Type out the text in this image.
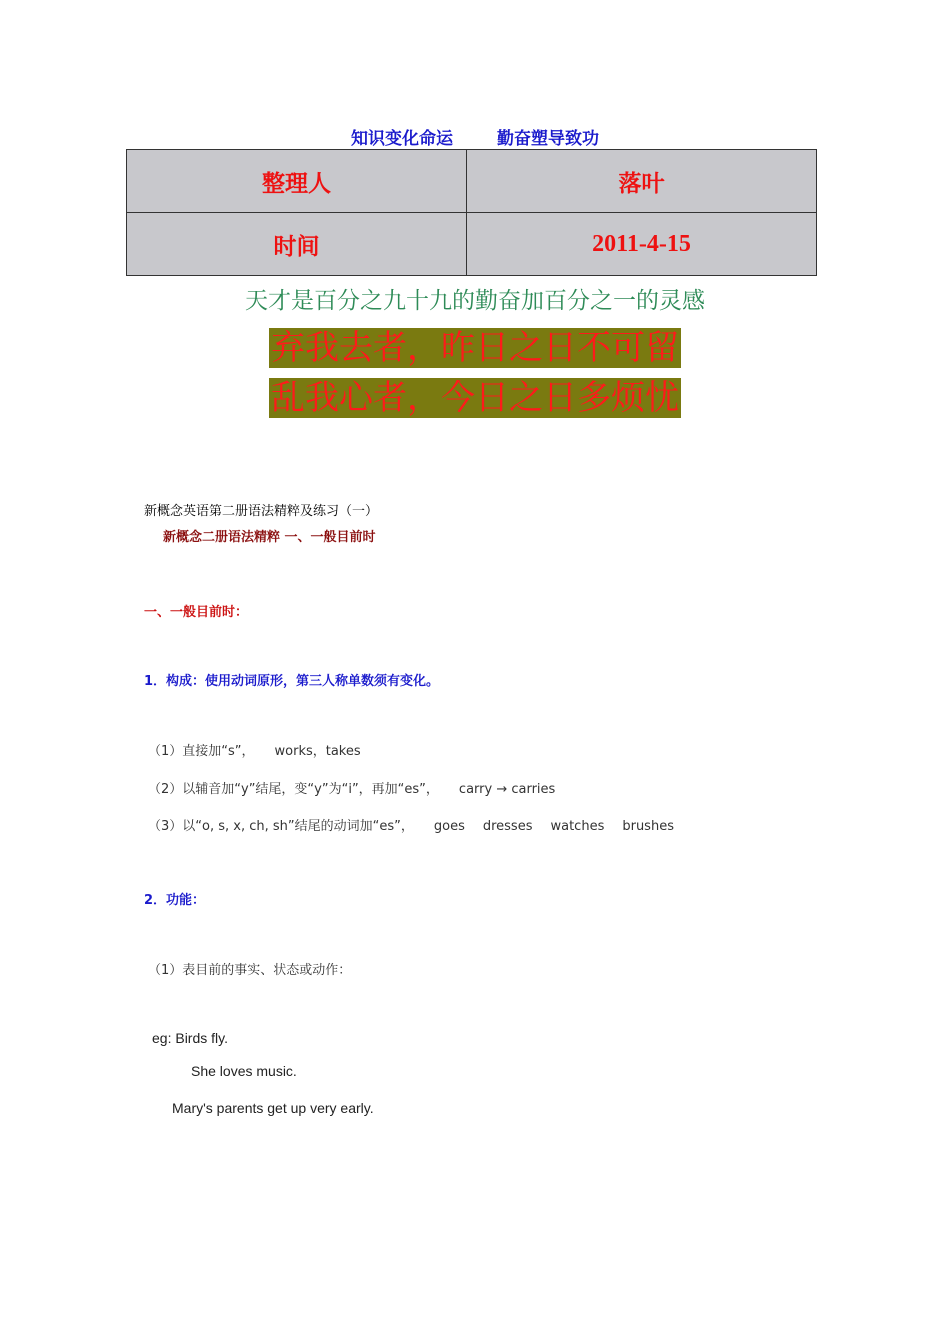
知识变化命运	勤奋塑导致功
整理人	落叶
时间	2011-4-15
天才是百分之九十九的勤奋加百分之一的灵感
弃我去者，昨日之日不可留
乱我心者，今日之日多烦忧
新概念英语第二册语法精粹及练习（一）
新概念二册语法精粹 一、一般目前时
一、一般目前时：
1．构成：使用动词原形，第三人称单数须有变化。
（1）直接加“s”， works，takes
（2）以辅音加“y”结尾，变“y”为“i”，再加“es”， carry → carries
（3）以“o, s, x, ch, sh”结尾的动词加“es”， goes dresses watches brushes
2．功能：
（1）表目前的事实、状态或动作：
eg: Birds fly.
She loves music.
Mary's parents get up very early.
